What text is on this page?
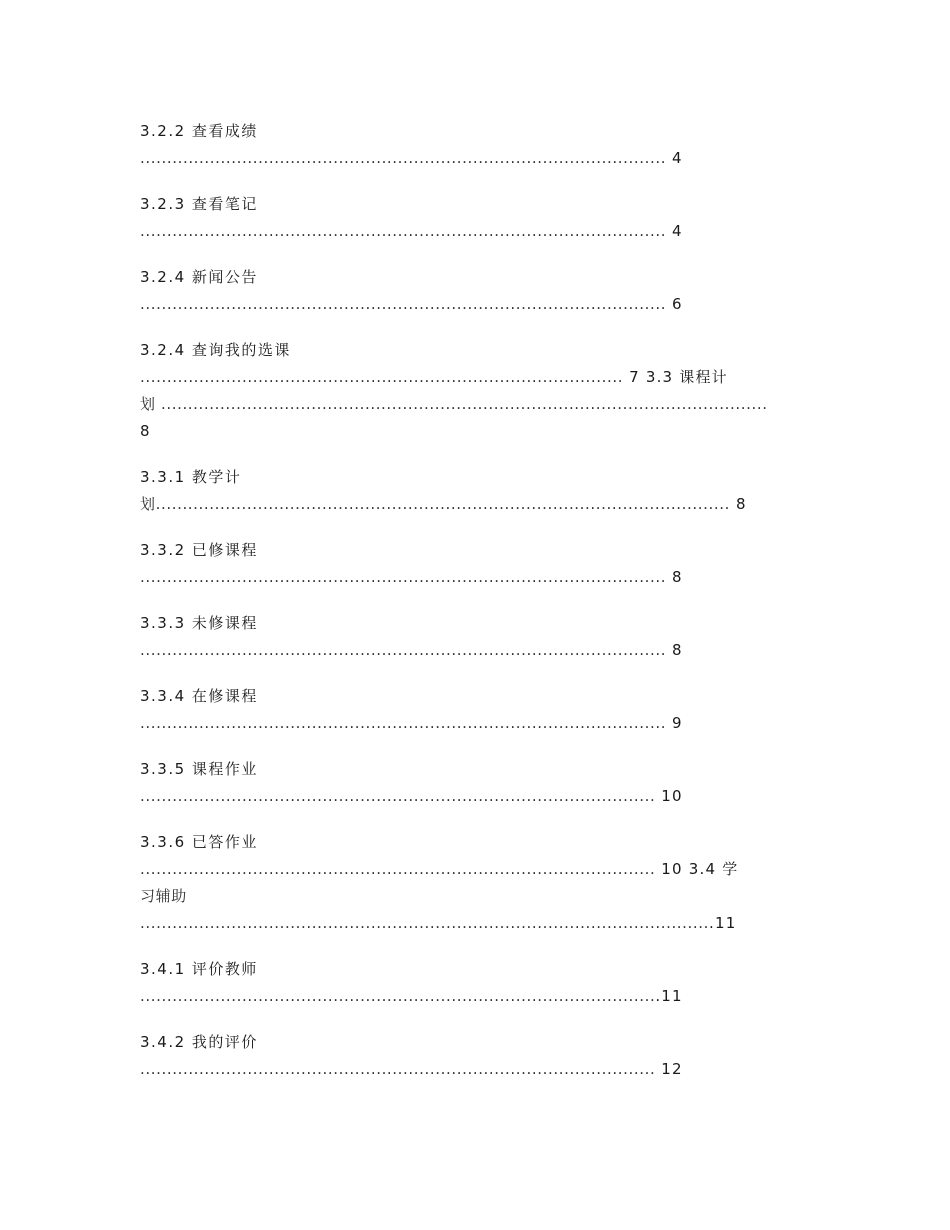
3.2.2 查看成绩
.................................................................................................. 4
3.2.3 查看笔记
.................................................................................................. 4
3.2.4 新闻公告
.................................................................................................. 6
3.2.4 查询我的选课
.......................................................................................... 7 3.3 课程计
划 .................................................................................................................
8
3.3.1 教学计
划........................................................................................................... 8
3.3.2 已修课程
.................................................................................................. 8
3.3.3 未修课程
.................................................................................................. 8
3.3.4 在修课程
.................................................................................................. 9
3.3.5 课程作业
................................................................................................ 10
3.3.6 已答作业
................................................................................................ 10 3.4 学
习辅助
...........................................................................................................11
3.4.1 评价教师
.................................................................................................11
3.4.2 我的评价
................................................................................................ 12
